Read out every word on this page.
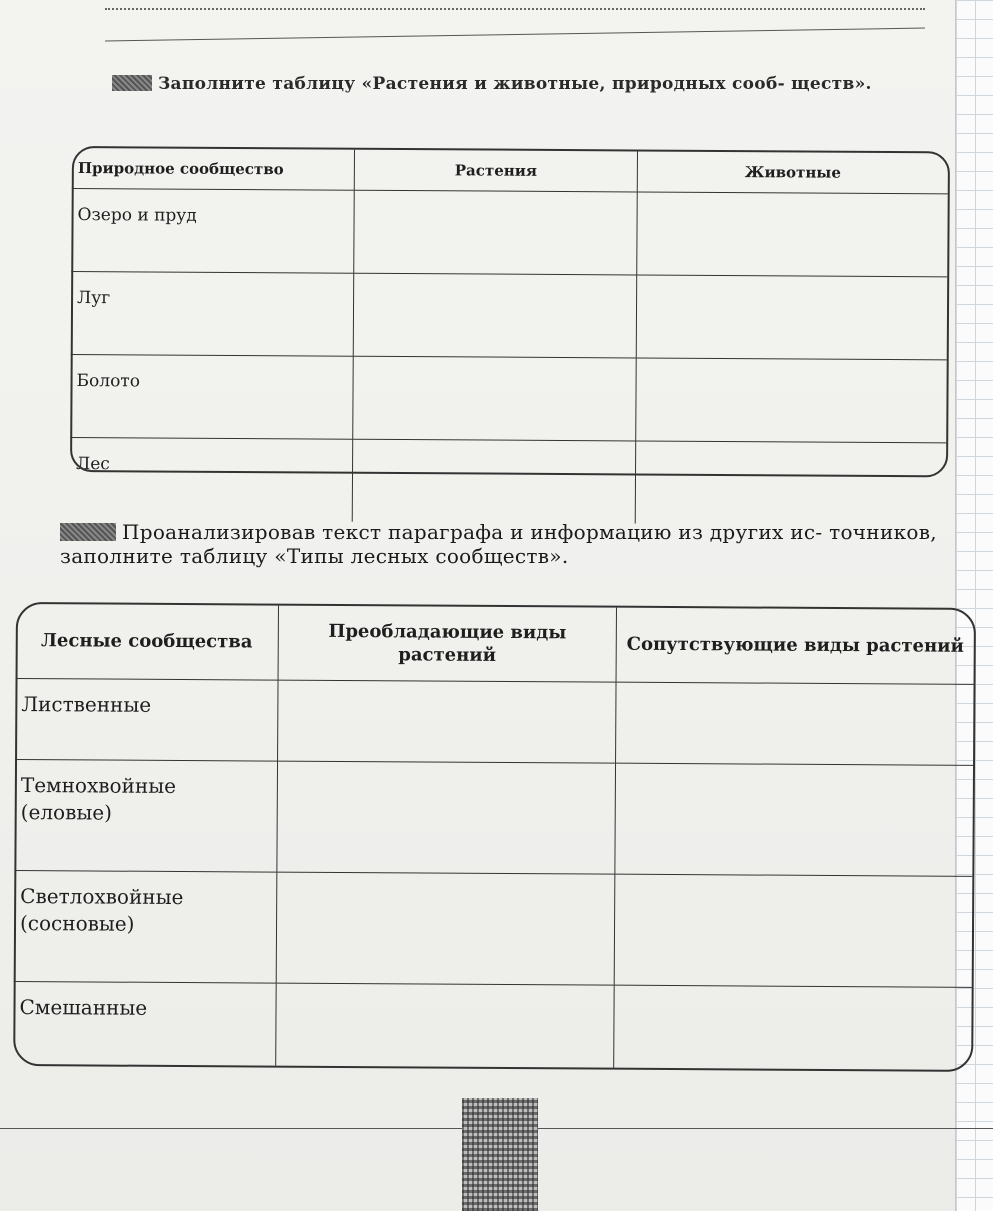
Заполните таблицу «Растения и животные, природных сооб- ществ».
Природное сообщество	Растения	Животные
Озеро и пруд		
Луг		
Болото		
Лес		
Проанализировав текст параграфа и информацию из других ис- точников, заполните таблицу «Типы лесных сообществ».
Лесные сообщества	Преобладающие виды растений	Сопутствующие виды растений
Лиственные		
Темнохвойные (еловые)		
Светлохвойные (сосновые)		
Смешанные		
